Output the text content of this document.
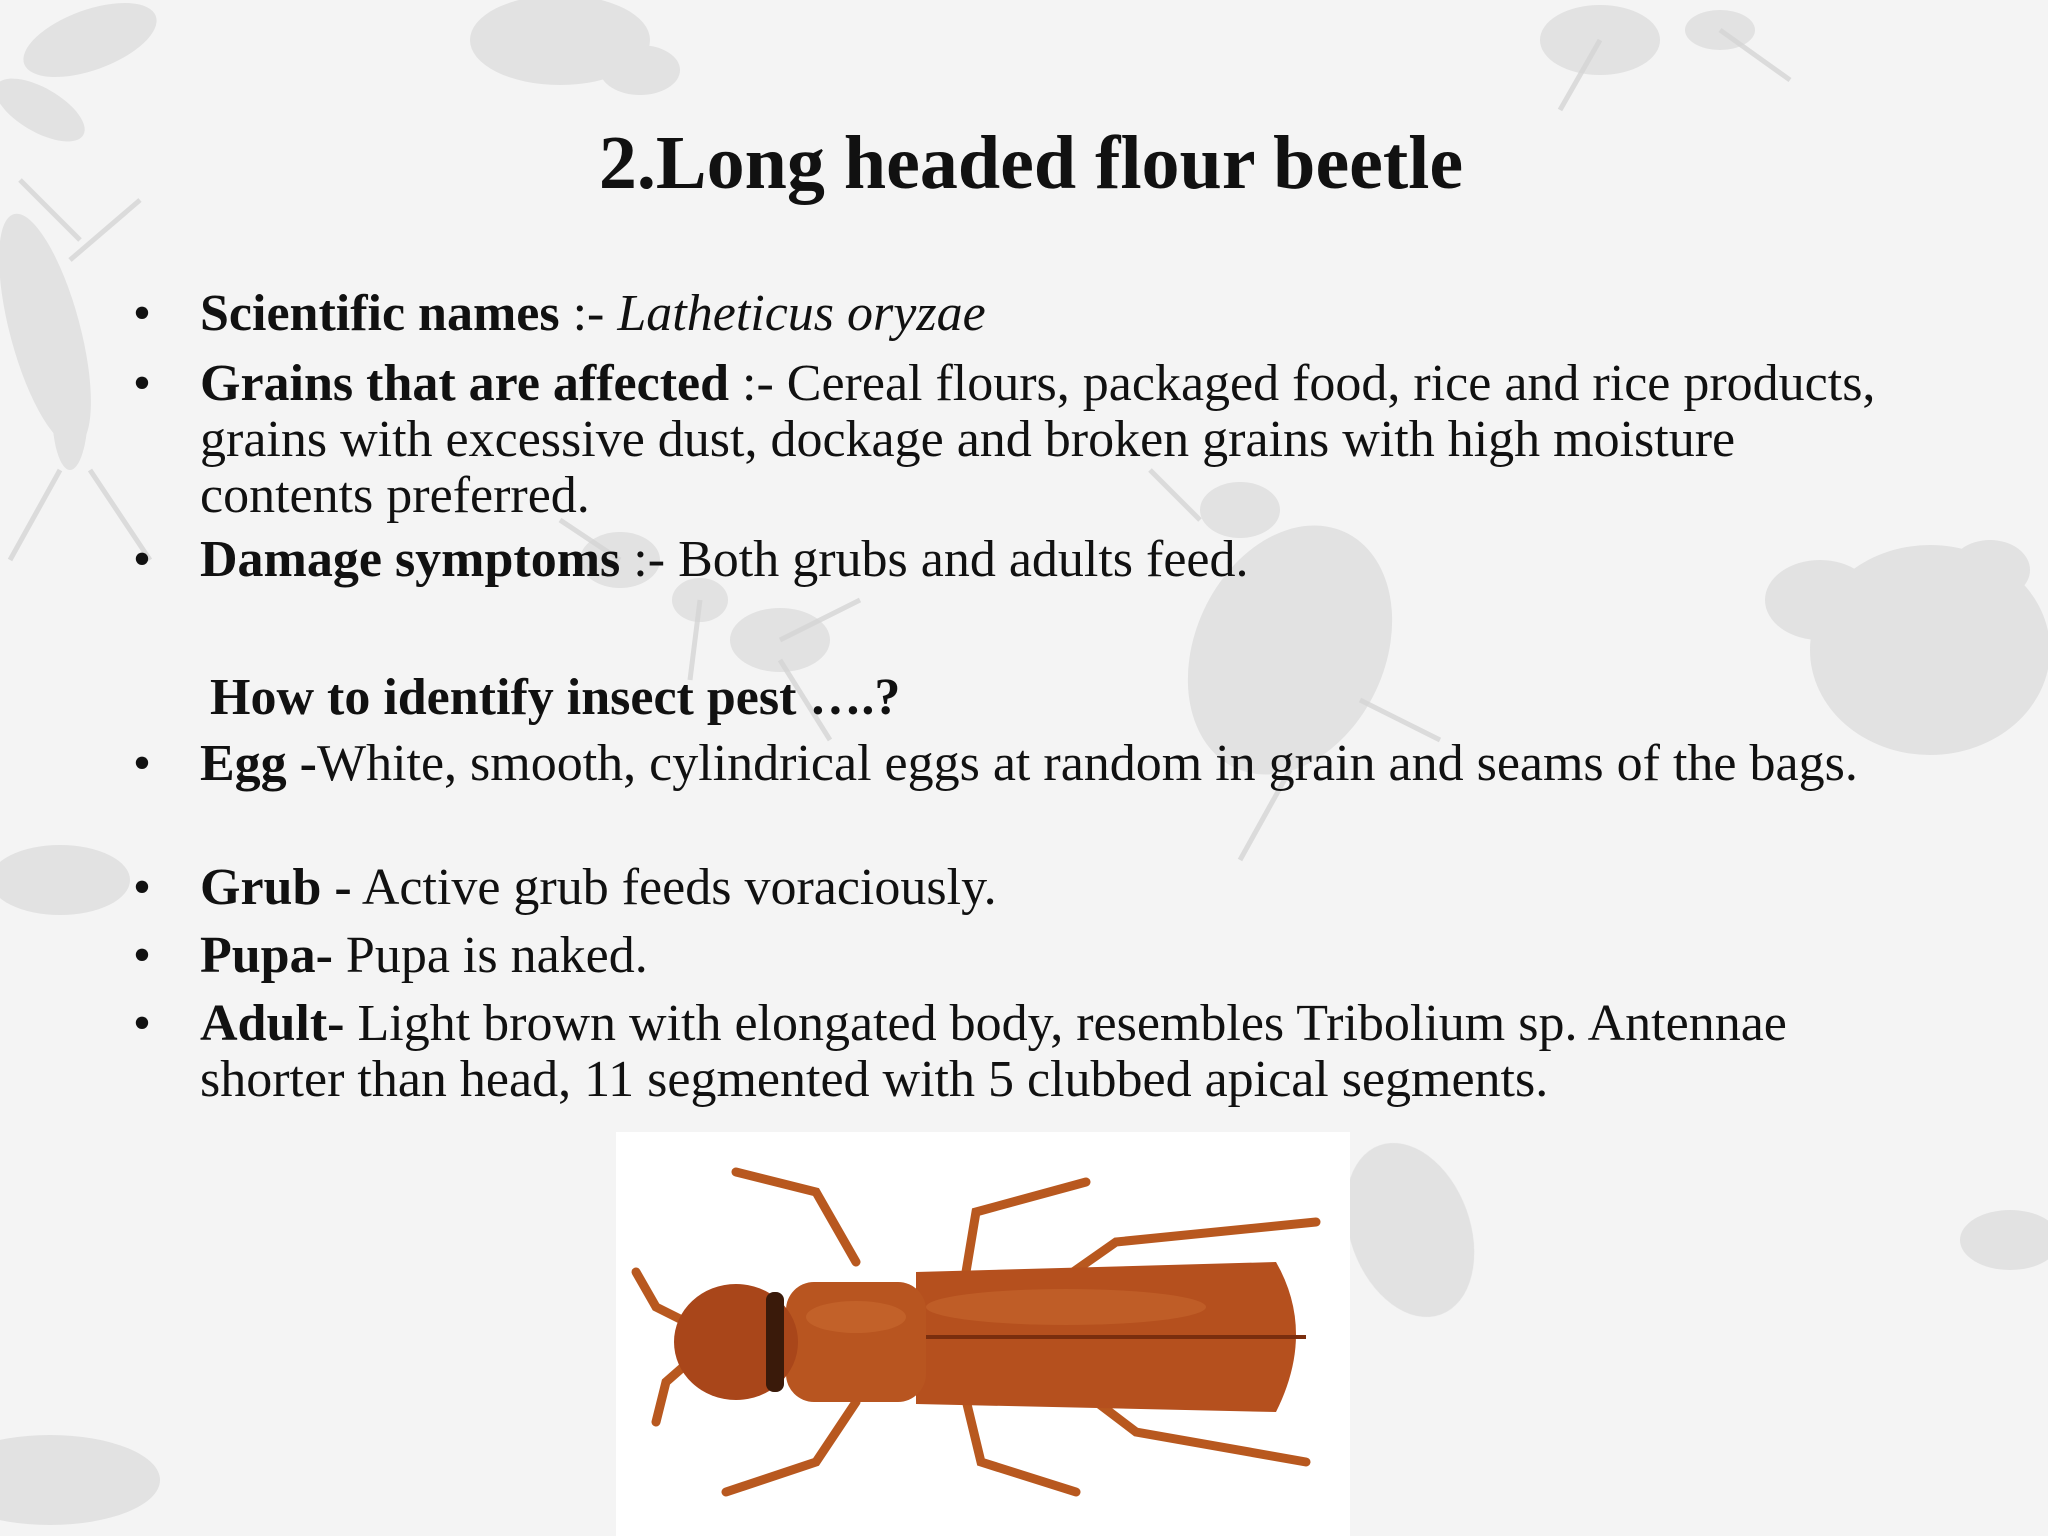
2.Long headed flour beetle
• Scientific names :- Latheticus oryzae
• Grains that are affected :- Cereal flours, packaged food, rice and rice products, grains with excessive dust, dockage and broken grains with high moisture contents preferred.
• Damage symptoms :- Both grubs and adults feed.
How to identify insect pest ….?
• Egg -White, smooth, cylindrical eggs at random in grain and seams of the bags.
• Grub - Active grub feeds voraciously.
• Pupa- Pupa is naked.
• Adult- Light brown with elongated body, resembles Tribolium sp. Antennae shorter than head, 11 segmented with 5 clubbed apical segments.
